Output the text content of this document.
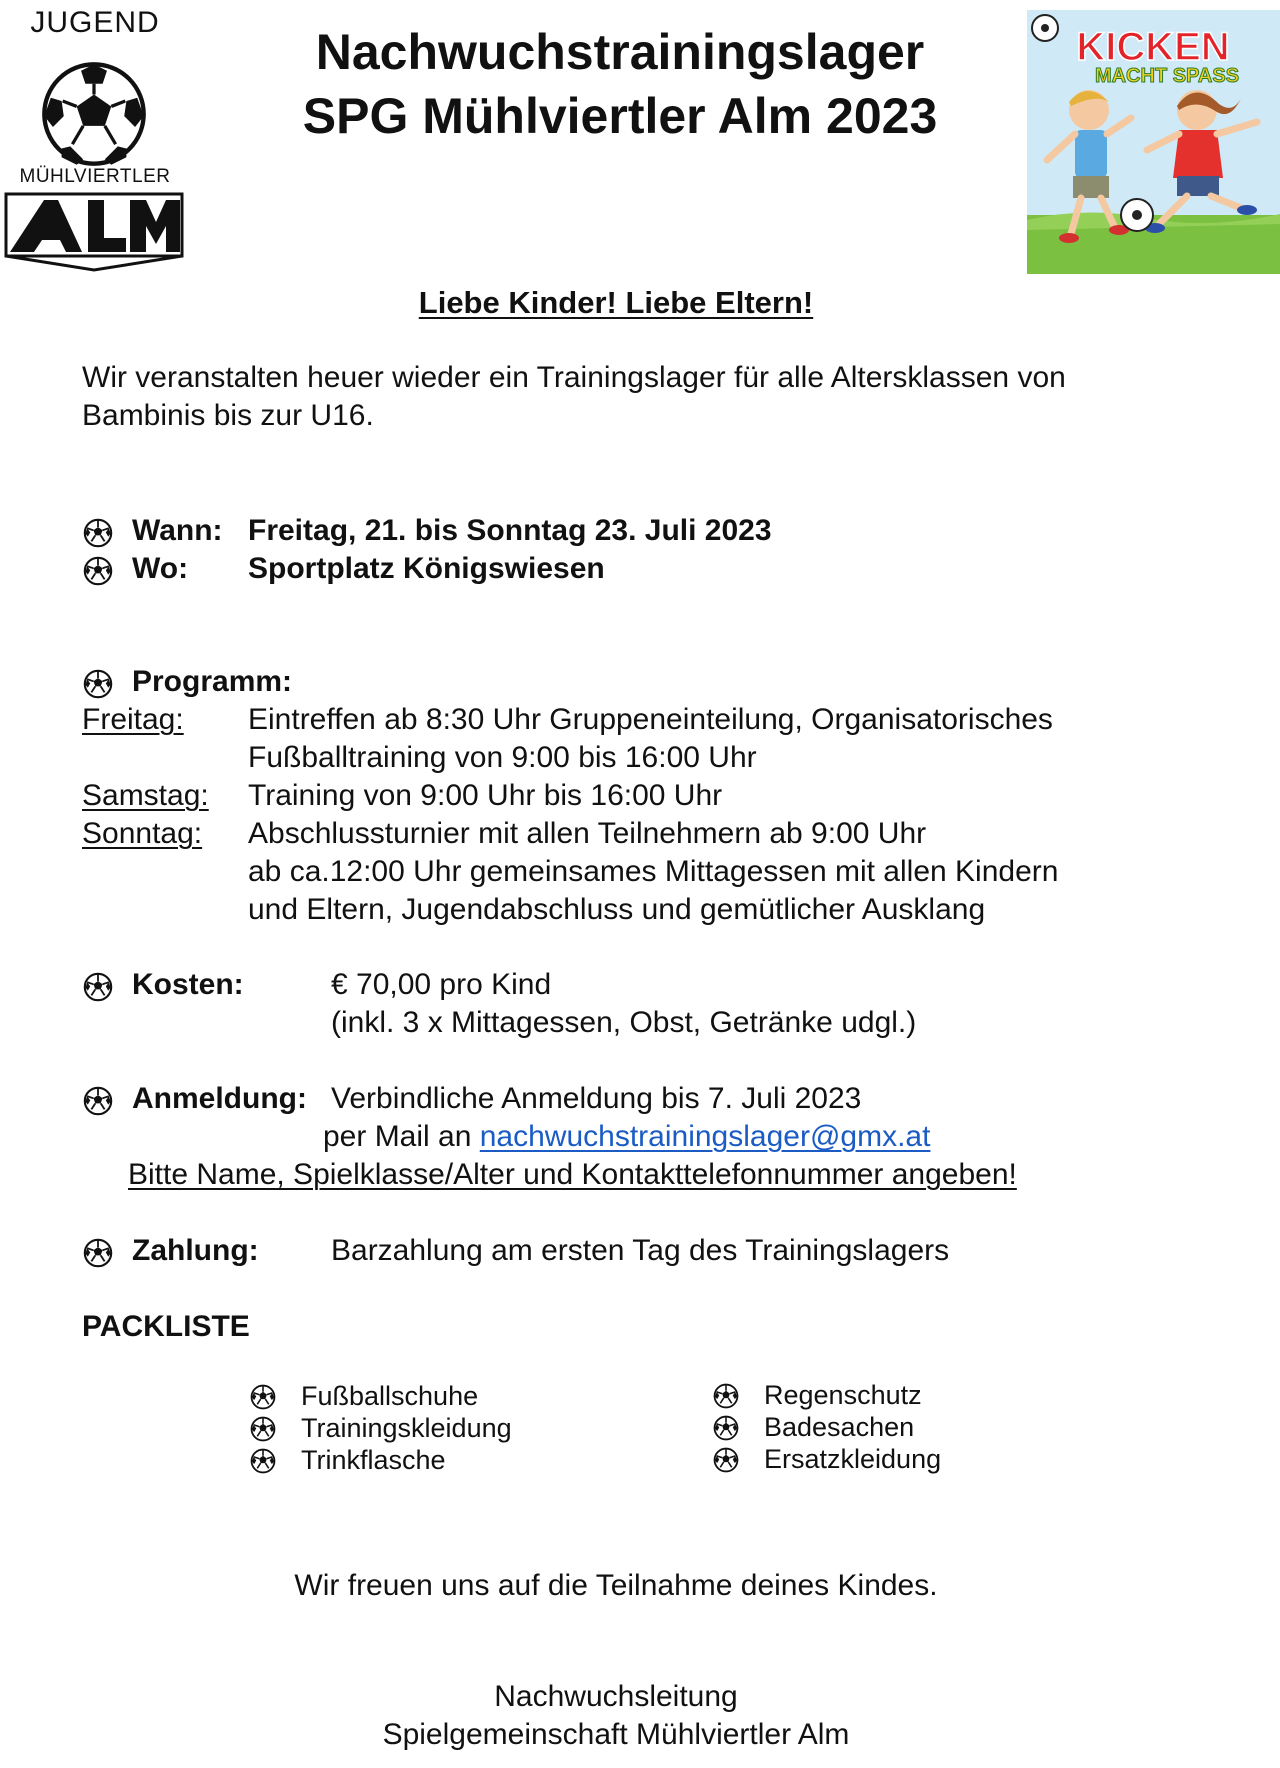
JUGEND
MÜHLVIERTLER
Nachwuchstrainingslager
SPG Mühlviertler Alm 2023
KICKEN
MACHT SPASS
Liebe Kinder! Liebe Eltern!
Wir veranstalten heuer wieder ein Trainingslager für alle Altersklassen von
Bambinis bis zur U16.
Wann: Freitag, 21. bis Sonntag 23. Juli 2023
Wo: Sportplatz Königswiesen
Programm:
Freitag: Eintreffen ab 8:30 Uhr Gruppeneinteilung, Organisatorisches
Fußballtraining von 9:00 bis 16:00 Uhr
Samstag: Training von 9:00 Uhr bis 16:00 Uhr
Sonntag: Abschlussturnier mit allen Teilnehmern ab 9:00 Uhr
ab ca.12:00 Uhr gemeinsames Mittagessen mit allen Kindern
und Eltern, Jugendabschluss und gemütlicher Ausklang
Kosten:	€ 70,00 pro Kind
(inkl. 3 x Mittagessen, Obst, Getränke udgl.)
Anmeldung: Verbindliche Anmeldung bis 7. Juli 2023
per Mail an nachwuchstrainingslager@gmx.at
Bitte Name, Spielklasse/Alter und Kontakttelefonnummer angeben!
Zahlung: Barzahlung am ersten Tag des Trainingslagers
PACKLISTE
Fußballschuhe
Trainingskleidung
Trinkflasche
Regenschutz
Badesachen
Ersatzkleidung
Wir freuen uns auf die Teilnahme deines Kindes.
Nachwuchsleitung
Spielgemeinschaft Mühlviertler Alm
